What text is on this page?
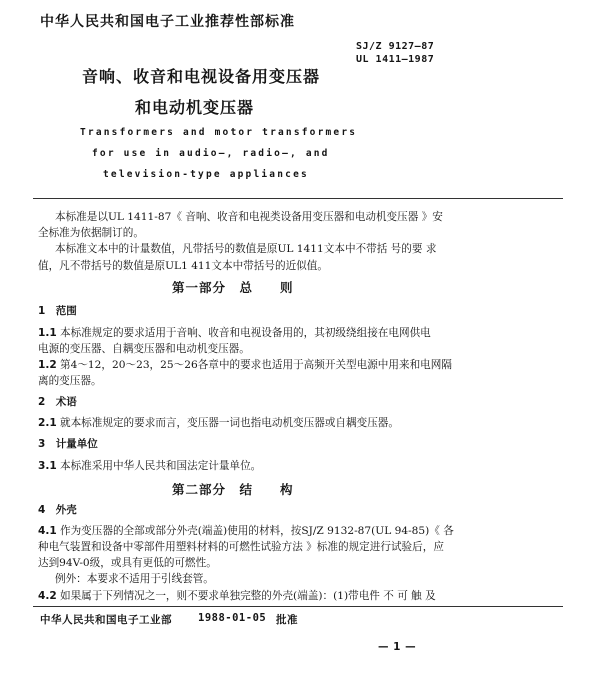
中华人民共和国电子工业推荐性部标准
SJ/Z 9127—87
UL 1411—1987
音响、收音和电视设备用变压器
和电动机变压器
Transformers and motor transformers
for use in audio—, radio—, and
television-type appliances
本标准是以UL 1411-87《 音响、收音和电视类设备用变压器和电动机变压器 》安
全标准为依据制订的。
本标准文本中的计量数值，凡带括号的数值是原UL 1411文本中不带括 号的要 求
值，凡不带括号的数值是原UL1 411文本中带括号的近似值。
第一部分　总　　则
1　范围
1.1 本标准规定的要求适用于音响、收音和电视设备用的，其初级绕组接在电网供电
电源的变压器、自耦变压器和电动机变压器。
1.2 第4～12，20～23，25～26各章中的要求也适用于高频开关型电源中用来和电网隔
离的变压器。
2　术语
2.1 就本标准规定的要求而言，变压器一词也指电动机变压器或自耦变压器。
3　计量单位
3.1 本标准采用中华人民共和国法定计量单位。
第二部分　结　　构
4　外壳
4.1 作为变压器的全部或部分外壳(端盖)使用的材料，按SJ/Z 9132-87(UL 94-85)《 各
种电气装置和设备中零部件用塑料材料的可燃性试验方法 》标准的规定进行试验后，应
达到94V-0级，或具有更低的可燃性。
例外：本要求不适用于引线套管。
4.2 如果属于下列情况之一，则不要求单独完整的外壳(端盖)：(1)带电件 不 可 触 及
中华人民共和国电子工业部 1988-01-05 批准
— 1 —
